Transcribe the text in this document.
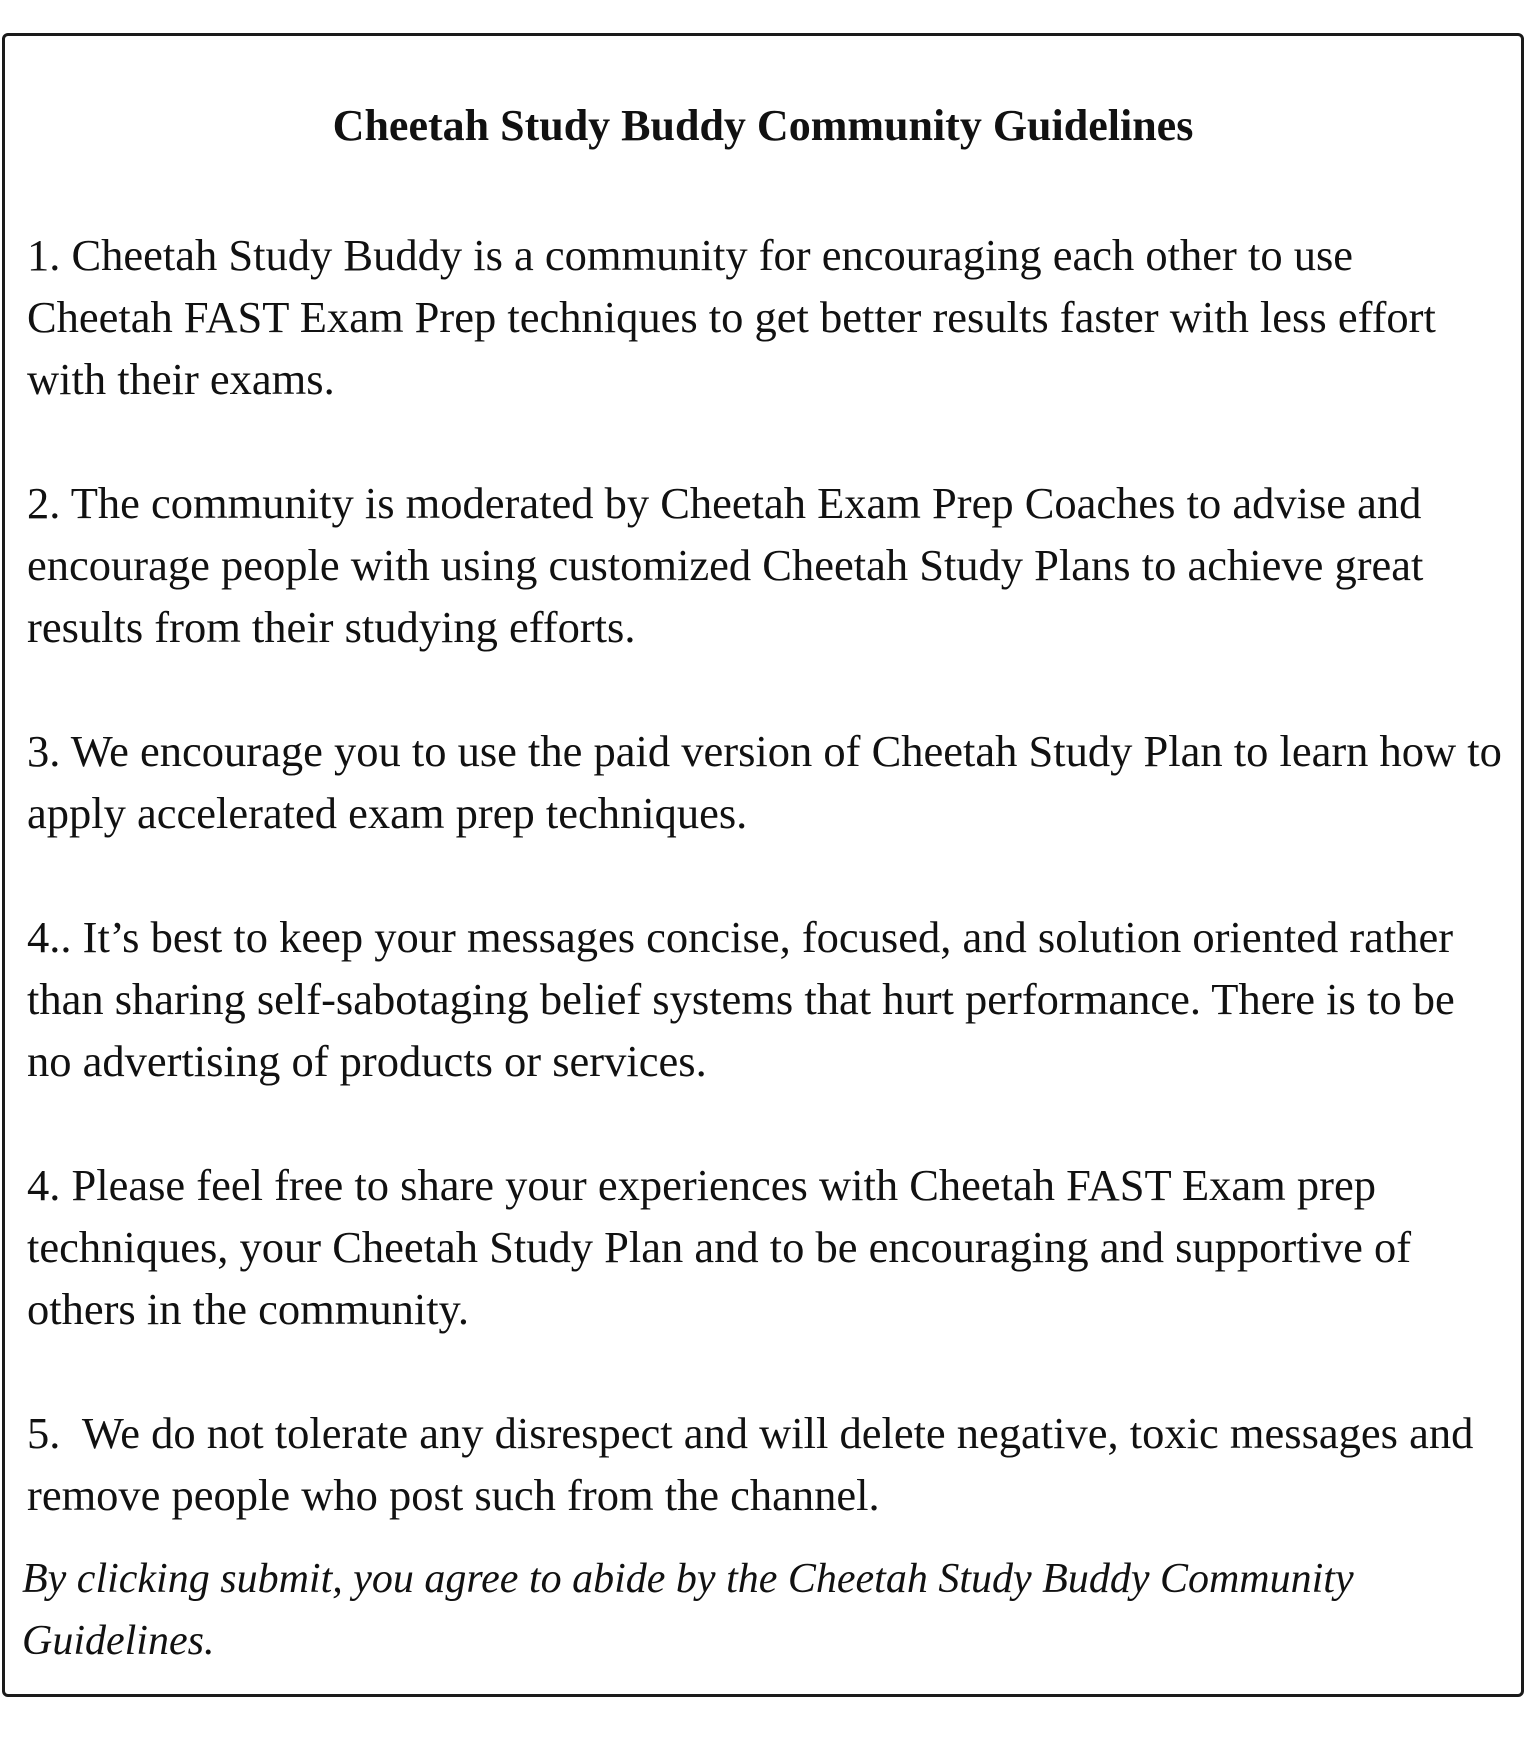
Cheetah Study Buddy Community Guidelines
1. Cheetah Study Buddy is a community for encouraging each other to use Cheetah FAST Exam Prep techniques to get better results faster with less effort with their exams.
2. The community is moderated by Cheetah Exam Prep Coaches to advise and encourage people with using customized Cheetah Study Plans to achieve great results from their studying efforts.
3. We encourage you to use the paid version of Cheetah Study Plan to learn how to apply accelerated exam prep techniques.
4.. It’s best to keep your messages concise, focused, and solution oriented rather than sharing self-sabotaging belief systems that hurt performance. There is to be no advertising of products or services.
4. Please feel free to share your experiences with Cheetah FAST Exam prep techniques, your Cheetah Study Plan and to be encouraging and supportive of others in the community.
5.  We do not tolerate any disrespect and will delete negative, toxic messages and remove people who post such from the channel.

By clicking submit, you agree to abide by the Cheetah Study Buddy Community Guidelines.
